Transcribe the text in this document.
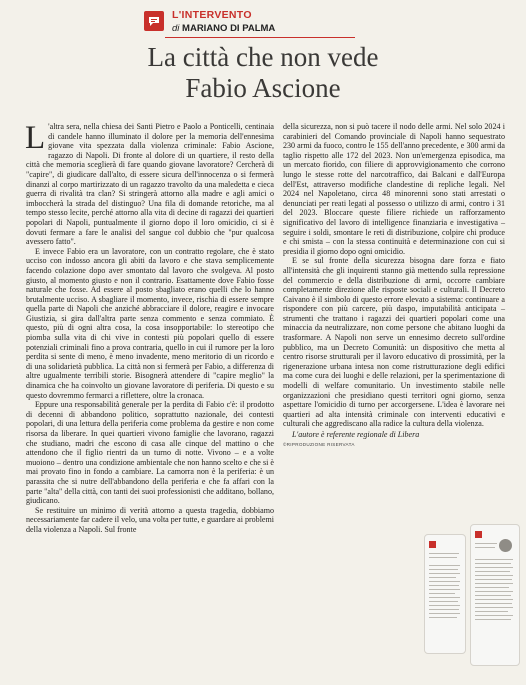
L'INTERVENTO
di MARIANO DI PALMA
La città che non vede
Fabio Ascione

L 'altra sera, nella chiesa dei Santi Pietro e Paolo a Ponticelli, centinaia di candele hanno illuminato il dolore per la memoria dell'ennesima giovane vita spezzata dalla violenza criminale: Fabio Ascione, ragazzo di Napoli. Di fronte al dolore di un quartiere, il resto della città che memoria sceglierà di fare quando giovane lavoratore? Cercherà di "capire", di giudicare dall'alto, di essere sicura dell'innocenza o si fermerà dinanzi al corpo martirizzato di un ragazzo travolto da una maledetta e cieca guerra di rivalità tra clan? Si stringerà attorno alla madre e agli amici o imboccherà la strada del distinguo? Una fila di domande retoriche, ma al tempo stesso lecite, perché attorno alla vita di decine di ragazzi dei quartieri popolari di Napoli, puntualmente il giorno dopo il loro omicidio, ci si è dovuti fermare a fare le analisi del sangue col dubbio che "pur qualcosa avessero fatto".

E invece Fabio era un lavoratore, con un contratto regolare, che è stato ucciso con indosso ancora gli abiti da lavoro e che stava semplicemente facendo colazione dopo aver smontato dal lavoro che svolgeva. Al posto giusto, al momento giusto e non il contrario. Esattamente dove Fabio fosse naturale che fosse. Ad essere al posto sbagliato erano quelli che lo hanno brutalmente ucciso. A sbagliare il momento, invece, rischia di essere sempre quella parte di Napoli che anziché abbracciare il dolore, reagire e invocare Giustizia, si gira dall'altra parte senza commento e senza commiato. È questo, più di ogni altra cosa, la cosa insopportabile: lo stereotipo che piomba sulla vita di chi vive in contesti più popolari quello di essere potenziali criminali fino a prova contraria, quello in cui il rumore per la loro perdita si sente di meno, è meno invadente, meno meritorio di un ricordo e di una solidarietà pubblica. La città non si fermerà per Fabio, a differenza di altre ugualmente terribili storie. Bisognerà attendere di "capire meglio" la dinamica che ha coinvolto un giovane lavoratore di periferia. Di questo e su questo dovremmo fermarci a riflettere, oltre la cronaca.

Eppure una responsabilità generale per la perdita di Fabio c'è: il prodotto di decenni di abbandono politico, soprattutto nazionale, dei contesti popolari, di una lettura della periferia come problema da gestire e non come risorsa da liberare. In quei quartieri vivono famiglie che lavorano, ragazzi che studiano, madri che escono di casa alle cinque del mattino o che attendono che il figlio rientri da un turno di notte. Vivono – e a volte muoiono – dentro una condizione ambientale che non hanno scelto e che si è mai provato fino in fondo a cambiare. La camorra non è la periferia: è un parassita che si nutre dell'abbandono della periferia e che fa affari con la parte "alta" della città, con tanti dei suoi professionisti che additano, bollano, giudicano.

Se restituire un minimo di verità attorno a questa tragedia, dobbiamo necessariamente far cadere il velo, una volta per tutte, e guardare ai problemi della violenza a Napoli. Sul fronte

della sicurezza, non si può tacere il nodo delle armi. Nel solo 2024 i carabinieri del Comando provinciale di Napoli hanno sequestrato 230 armi da fuoco, contro le 155 dell'anno precedente, e 300 armi da taglio rispetto alle 172 del 2023. Non un'emergenza episodica, ma un mercato fiorido, con filiere di approvvigionamento che corrono lungo le stesse rotte del narcotraffico, dai Balcani e dall'Europa dell'Est, attraverso modifiche clandestine di repliche legali. Nel 2024 nel Napoletano, circa 48 minorenni sono stati arrestati o denunciati per reati legati al possesso o utilizzo di armi, contro i 31 del 2023. Bloccare queste filiere richiede un rafforzamento significativo del lavoro di intelligence finanziaria e investigativa – seguire i soldi, smontare le reti di distribuzione, colpire chi produce e chi smista – con la stessa continuità e determinazione con cui si presidia il giorno dopo ogni omicidio.

E se sul fronte della sicurezza bisogna dare forza e fiato all'intensità che gli inquirenti stanno già mettendo sulla repressione del commercio e della distribuzione di armi, occorre cambiare completamente direzione alle risposte sociali e culturali. Il Decreto Caivano è il simbolo di questo errore elevato a sistema: continuare a rispondere con più carcere, più daspo, imputabilità anticipata – strumenti che trattano i ragazzi dei quartieri popolari come una minaccia da neutralizzare, non come persone che abitano luoghi da trasformare. A Napoli non serve un ennesimo decreto sull'ordine pubblico, ma un Decreto Comunità: un dispositivo che metta al centro risorse strutturali per il lavoro educativo di prossimità, per la rigenerazione urbana intesa non come ristrutturazione degli edifici ma come cura dei luoghi e delle relazioni, per la sperimentazione di modelli di welfare comunitario. Un investimento stabile nelle organizzazioni che presidiano questi territori ogni giorno, senza aspettare l'omicidio di turno per accorgersene. L'idea è lavorare nei quartieri ad alta intensità criminale con interventi educativi e culturali che aggrediscano alla radice la cultura della violenza.

L'autore è referente regionale di Libera

©RIPRODUZIONE RISERVATA
